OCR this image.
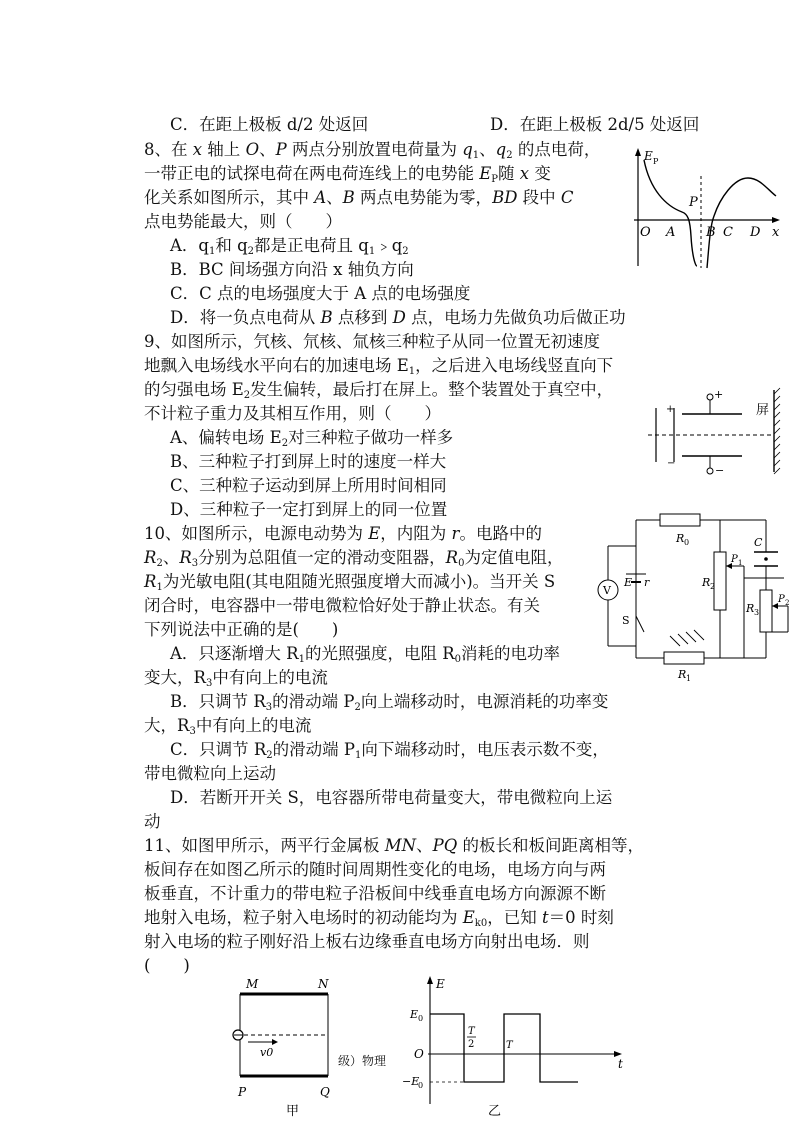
C．在距上极板 d/2 处返回	D．在距上极板 2d/5 处返回
8、在 x 轴上 O、P 两点分别放置电荷量为 $q_1$、$q_2$ 的点电荷，
一带正电的试探电荷在两电荷连线上的电势能 $E_P$随 x 变
化关系如图所示，其中 A、B 两点电势能为零，BD 段中 C
点电势能最大，则（　　）
A．$q_1$和 $q_2$都是正电荷且 $q_1﹥q_2$
B．BC 间场强方向沿 x 轴负方向
C．C 点的电场强度大于 A 点的电场强度
D．将一负点电荷从 B 点移到 D 点，电场力先做负功后做正功
E P
x
O A
P
B C D
9、如图所示，氕核、氘核、氚核三种粒子从同一位置无初速度
地飘入电场线水平向右的加速电场 $E_1$，之后进入电场线竖直向下
的匀强电场 $E_2$发生偏转，最后打在屏上。整个装置处于真空中，
不计粒子重力及其相互作用，则（　　）
A、偏转电场 $E_2$对三种粒子做功一样多
B、三种粒子打到屏上时的速度一样大
C、三种粒子运动到屏上所用时间相同
D、三种粒子一定打到屏上的同一位置
+
−
+
−
屏
10、如图所示，电源电动势为 E，内阻为 r。电路中的
$R_2$、$R_3$分别为总阻值一定的滑动变阻器，$R_0$为定值电阻，
$R_1$为光敏电阻(其电阻随光照强度增大而减小)。当开关 S
闭合时，电容器中一带电微粒恰好处于静止状态。有关
下列说法中正确的是(　　)
A．只逐渐增大 $R_1$的光照强度，电阻 $R_0$消耗的电功率
变大，$R_3$中有向上的电流
B．只调节 $R_3$的滑动端 $P_2$向上端移动时，电源消耗的功率变
大，$R_3$中有向上的电流
C．只调节 $R_2$的滑动端 $P_1$向下端移动时，电压表示数不变，
带电微粒向上运动
D．若断开开关 S，电容器所带电荷量变大，带电微粒向上运
动
R 0
R 1
R 2
P 1
C
R 3
P 2
E r
S
V
11、如图甲所示，两平行金属板 MN、PQ 的板长和板间距离相等，
板间存在如图乙所示的随时间周期性变化的电场，电场方向与两
板垂直，不计重力的带电粒子沿板间中线垂直电场方向源源不断
地射入电场，粒子射入电场时的初动能均为 $E_{k0}$，已知 t＝0 时刻
射入电场的粒子刚好沿上板右边缘垂直电场方向射出电场．则
(　　)
M	N
v0
P	Q
甲
级）物理
E
t
O
E 0
−E
0
T
2	T
乙
